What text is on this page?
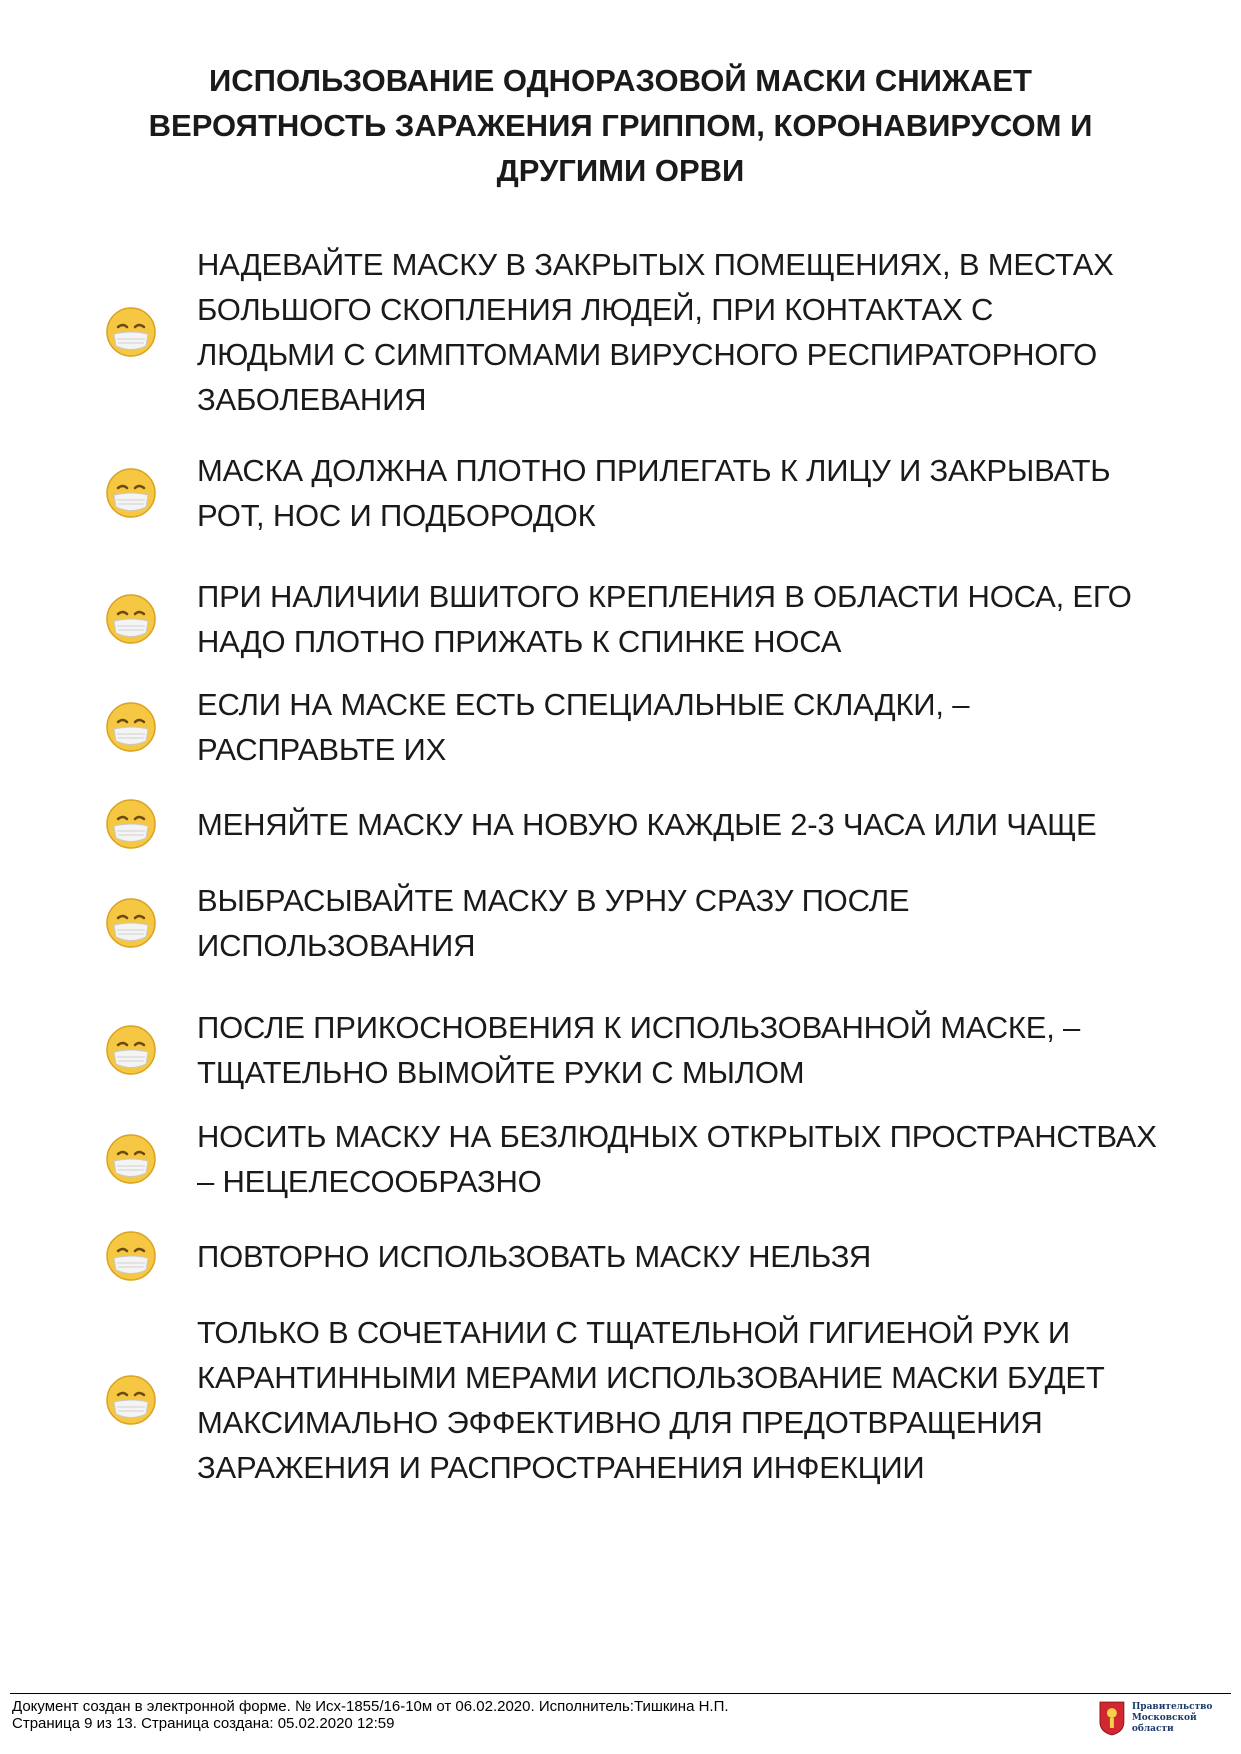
ИСПОЛЬЗОВАНИЕ ОДНОРАЗОВОЙ МАСКИ СНИЖАЕТ
ВЕРОЯТНОСТЬ ЗАРАЖЕНИЯ ГРИППОМ, КОРОНАВИРУСОМ И
ДРУГИМИ ОРВИ
НАДЕВАЙТЕ МАСКУ В ЗАКРЫТЫХ ПОМЕЩЕНИЯХ, В МЕСТАХ
БОЛЬШОГО СКОПЛЕНИЯ ЛЮДЕЙ, ПРИ КОНТАКТАХ С
ЛЮДЬМИ С СИМПТОМАМИ ВИРУСНОГО РЕСПИРАТОРНОГО
ЗАБОЛЕВАНИЯ
МАСКА ДОЛЖНА ПЛОТНО ПРИЛЕГАТЬ К ЛИЦУ И ЗАКРЫВАТЬ
РОТ, НОС И ПОДБОРОДОК
ПРИ НАЛИЧИИ ВШИТОГО КРЕПЛЕНИЯ В ОБЛАСТИ НОСА, ЕГО
НАДО ПЛОТНО ПРИЖАТЬ К СПИНКЕ НОСА
ЕСЛИ НА МАСКЕ ЕСТЬ СПЕЦИАЛЬНЫЕ СКЛАДКИ, –
РАСПРАВЬТЕ ИХ
МЕНЯЙТЕ МАСКУ НА НОВУЮ КАЖДЫЕ 2-3 ЧАСА ИЛИ ЧАЩЕ
ВЫБРАСЫВАЙТЕ МАСКУ В УРНУ СРАЗУ ПОСЛЕ
ИСПОЛЬЗОВАНИЯ
ПОСЛЕ ПРИКОСНОВЕНИЯ К ИСПОЛЬЗОВАННОЙ МАСКЕ, –
ТЩАТЕЛЬНО ВЫМОЙТЕ РУКИ С МЫЛОМ
НОСИТЬ МАСКУ НА БЕЗЛЮДНЫХ ОТКРЫТЫХ ПРОСТРАНСТВАХ
– НЕЦЕЛЕСООБРАЗНО
ПОВТОРНО ИСПОЛЬЗОВАТЬ МАСКУ НЕЛЬЗЯ
ТОЛЬКО В СОЧЕТАНИИ С ТЩАТЕЛЬНОЙ ГИГИЕНОЙ РУК И
КАРАНТИННЫМИ МЕРАМИ ИСПОЛЬЗОВАНИЕ МАСКИ БУДЕТ
МАКСИМАЛЬНО ЭФФЕКТИВНО ДЛЯ ПРЕДОТВРАЩЕНИЯ
ЗАРАЖЕНИЯ И РАСПРОСТРАНЕНИЯ ИНФЕКЦИИ
Документ создан в электронной форме. № Исх-1855/16-10м от 06.02.2020. Исполнитель:Тишкина Н.П.
Страница 9 из 13. Страница создана: 05.02.2020 12:59
Правительство
Московской области
